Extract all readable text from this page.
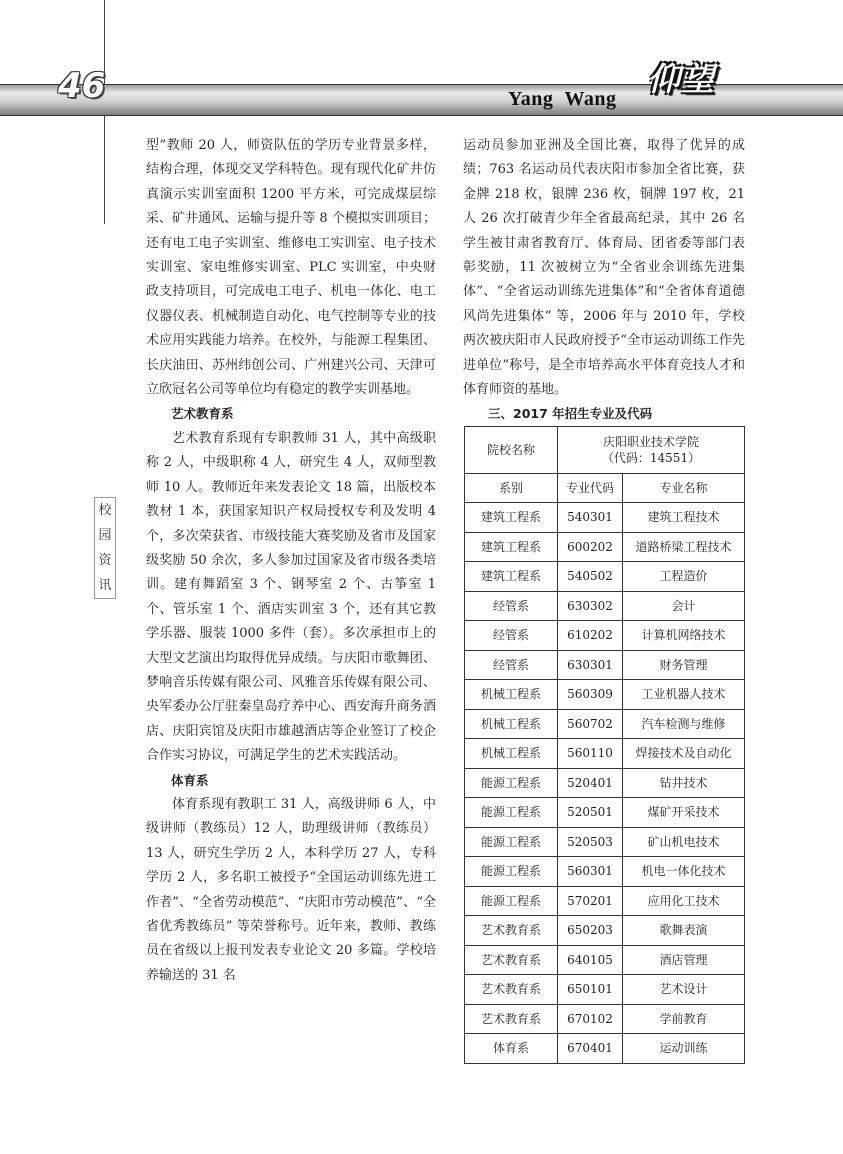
46	Yang Wang
仰望
校
园
资
讯

型”教师 20 人，师资队伍的学历专业背景多样，结构合理，体现交叉学科特色。现有现代化矿井仿真演示实训室面积 1200 平方米，可完成煤层综采、矿井通风、运输与提升等 8 个模拟实训项目；还有电工电子实训室、维修电工实训室、电子技术实训室、家电维修实训室、PLC 实训室，中央财政支持项目，可完成电工电子、机电一体化、电工仪器仪表、机械制造自动化、电气控制等专业的技术应用实践能力培养。在校外，与能源工程集团、长庆油田、苏州纬创公司、广州建兴公司、天津可立欣冠名公司等单位均有稳定的教学实训基地。

艺术教育系

艺术教育系现有专职教师 31 人，其中高级职称 2 人，中级职称 4 人，研究生 4 人，双师型教师 10 人。教师近年来发表论文 18 篇，出版校本教材 1 本，获国家知识产权局授权专利及发明 4 个，多次荣获省、市级技能大赛奖励及省市及国家级奖励 50 余次，多人参加过国家及省市级各类培训。建有舞蹈室 3 个、钢琴室 2 个、古筝室 1 个、管乐室 1 个、酒店实训室 3 个，还有其它教学乐器、服装 1000 多件（套）。多次承担市上的大型文艺演出均取得优异成绩。与庆阳市歌舞团、梦响音乐传媒有限公司、风雅音乐传媒有限公司、央军委办公厅驻秦皇岛疗养中心、西安海升商务酒店、庆阳宾馆及庆阳市雄越酒店等企业签订了校企合作实习协议，可满足学生的艺术实践活动。

体育系

体育系现有教职工 31 人，高级讲师 6 人，中级讲师（教练员）12 人，助理级讲师（教练员）13 人，研究生学历 2 人，本科学历 27 人，专科学历 2 人，多名职工被授予“全国运动训练先进工作者”、“全省劳动模范”、“庆阳市劳动模范”、“全省优秀教练员” 等荣誉称号。近年来，教师、教练员在省级以上报刊发表专业论文 20 多篇。学校培养输送的 31 名

运动员参加亚洲及全国比赛，取得了优异的成绩；763 名运动员代表庆阳市参加全省比赛，获金牌 218 枚，银牌 236 枚，铜牌 197 枚，21 人 26 次打破青少年全省最高纪录，其中 26 名学生被甘肃省教育厅、体育局、团省委等部门表彰奖励，11 次被树立为“全省业余训练先进集体”、“全省运动训练先进集体”和“全省体育道德风尚先进集体” 等，2006 年与 2010 年，学校两次被庆阳市人民政府授予“全市运动训练工作先进单位”称号，是全市培养高水平体育竞技人才和体育师资的基地。

三、2017 年招生专业及代码

院校名称	庆阳职业技术学院
（代码：14551）	
系别	专业代码	专业名称
建筑工程系	540301	建筑工程技术
建筑工程系	600202	道路桥梁工程技术
建筑工程系	540502	工程造价
经管系	630302	会计
经管系	610202	计算机网络技术
经管系	630301	财务管理
机械工程系	560309	工业机器人技术
机械工程系	560702	汽车检测与维修
机械工程系	560110	焊接技术及自动化
能源工程系	520401	钻井技术
能源工程系	520501	煤矿开采技术
能源工程系	520503	矿山机电技术
能源工程系	560301	机电一体化技术
能源工程系	570201	应用化工技术
艺术教育系	650203	歌舞表演
艺术教育系	640105	酒店管理
艺术教育系	650101	艺术设计
艺术教育系	670102	学前教育
体育系	670401	运动训练
